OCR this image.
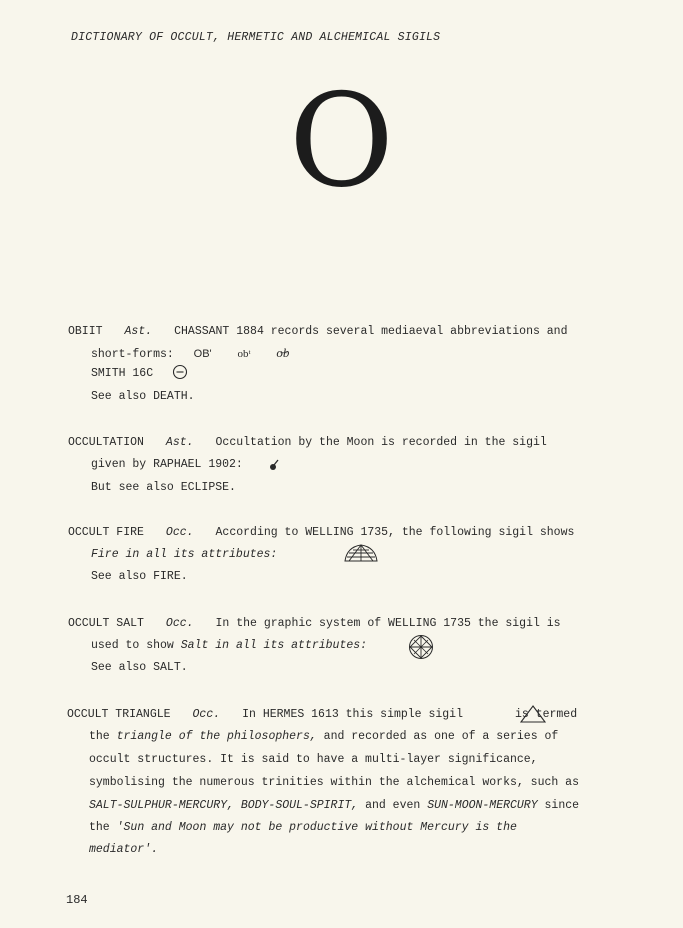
DICTIONARY OF OCCULT, HERMETIC AND ALCHEMICAL SIGILS
O
OBIIT Ast. CHASSANT 1884 records several mediaeval abbreviations and
short-forms: OB' obᵗ o̶b
SMITH 16C
See also DEATH.
OCCULTATION Ast. Occultation by the Moon is recorded in the sigil
given by RAPHAEL 1902:
But see also ECLIPSE.
OCCULT FIRE Occ. According to WELLING 1735, the following sigil shows
Fire in all its attributes:
See also FIRE.
OCCULT SALT Occ. In the graphic system of WELLING 1735 the sigil is
used to show Salt in all its attributes:
See also SALT.
OCCULT TRIANGLE Occ. In HERMES 1613 this simple sigil	is termed
the triangle of the philosophers, and recorded as one of a series of
occult structures. It is said to have a multi-layer significance,
symbolising the numerous trinities within the alchemical works, such as
SALT-SULPHUR-MERCURY, BODY-SOUL-SPIRIT, and even SUN-MOON-MERCURY since
the 'Sun and Moon may not be productive without Mercury is the
mediator'.
184
